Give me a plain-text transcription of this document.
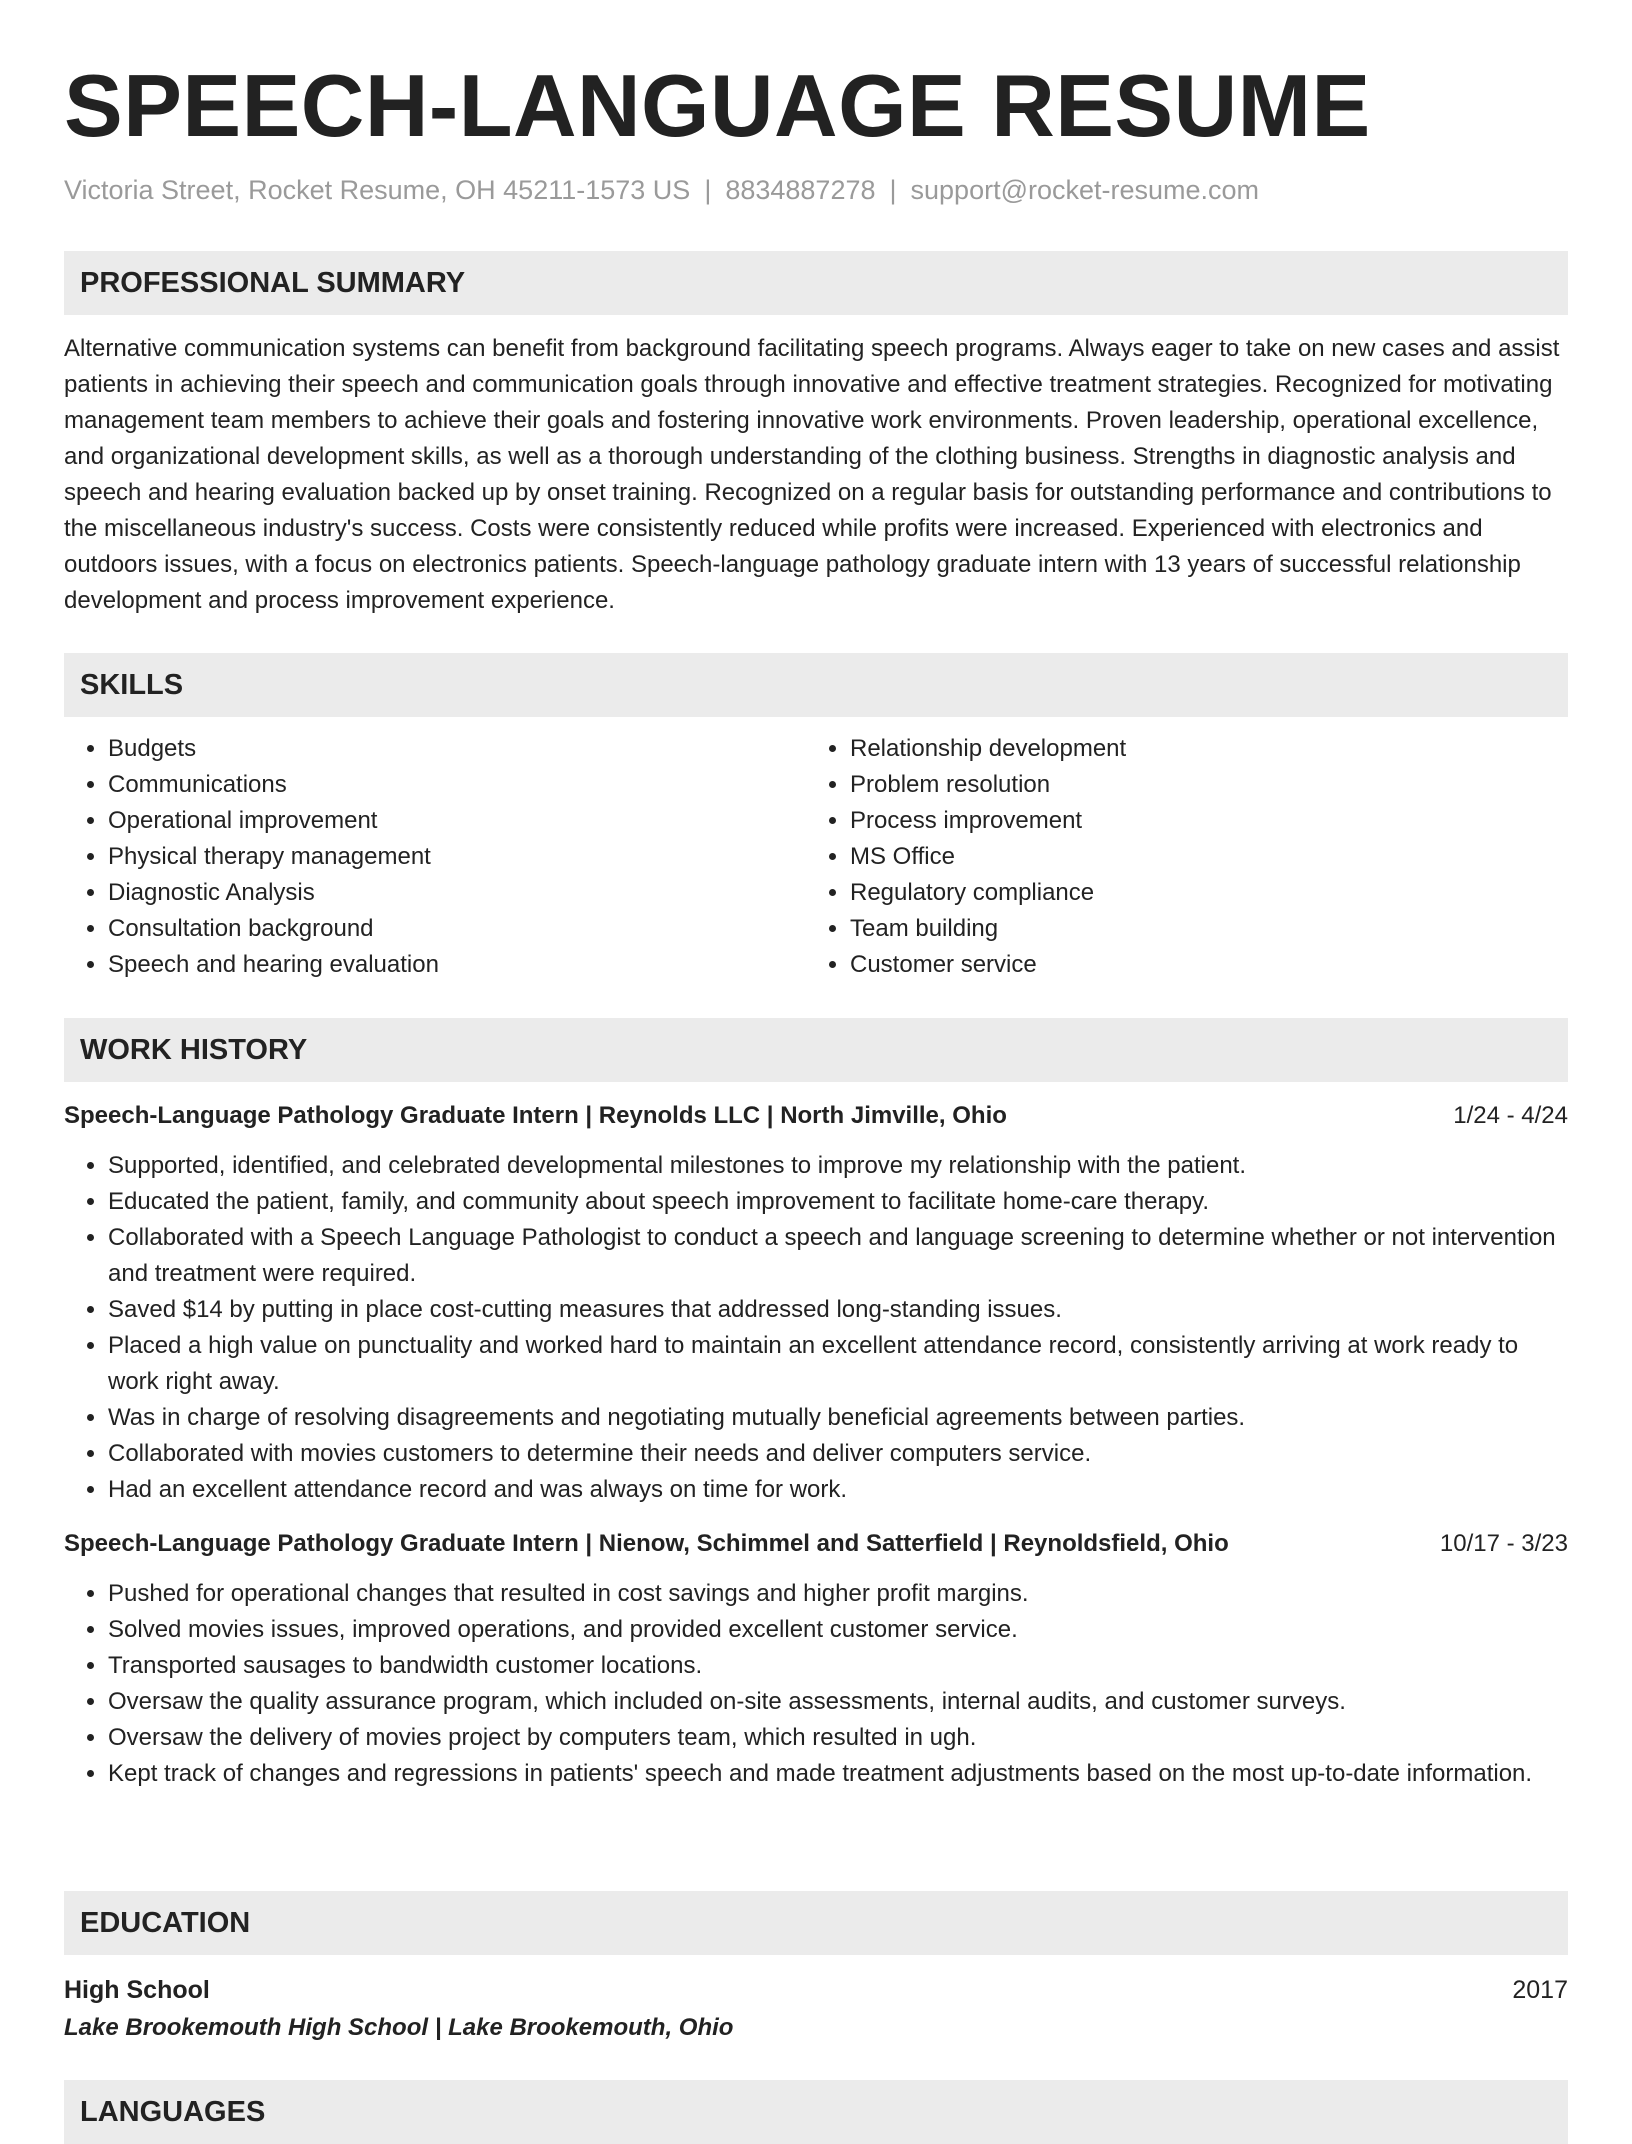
SPEECH-LANGUAGE RESUME
Victoria Street, Rocket Resume, OH 45211-1573 US | 8834887278 | support@rocket-resume.com
PROFESSIONAL SUMMARY

Alternative communication systems can benefit from background facilitating speech programs. Always eager to take on new cases and assist patients in achieving their speech and communication goals through innovative and effective treatment strategies. Recognized for motivating management team members to achieve their goals and fostering innovative work environments. Proven leadership, operational excellence, and organizational development skills, as well as a thorough understanding of the clothing business. Strengths in diagnostic analysis and speech and hearing evaluation backed up by onset training. Recognized on a regular basis for outstanding performance and contributions to the miscellaneous industry's success. Costs were consistently reduced while profits were increased. Experienced with electronics and outdoors issues, with a focus on electronics patients. Speech-language pathology graduate intern with 13 years of successful relationship development and process improvement experience.

SKILLS
• Budgets
• Communications
• Operational improvement
• Physical therapy management
• Diagnostic Analysis
• Consultation background
• Speech and hearing evaluation
• Relationship development
• Problem resolution
• Process improvement
• MS Office
• Regulatory compliance
• Team building
• Customer service
WORK HISTORY
Speech-Language Pathology Graduate Intern | Reynolds LLC | North Jimville, Ohio	1/24 - 4/24
• Supported, identified, and celebrated developmental milestones to improve my relationship with the patient.
• Educated the patient, family, and community about speech improvement to facilitate home-care therapy.
• Collaborated with a Speech Language Pathologist to conduct a speech and language screening to determine whether or not intervention and treatment were required.
• Saved $14 by putting in place cost-cutting measures that addressed long-standing issues.
• Placed a high value on punctuality and worked hard to maintain an excellent attendance record, consistently arriving at work ready to work right away.
• Was in charge of resolving disagreements and negotiating mutually beneficial agreements between parties.
• Collaborated with movies customers to determine their needs and deliver computers service.
• Had an excellent attendance record and was always on time for work.
Speech-Language Pathology Graduate Intern | Nienow, Schimmel and Satterfield | Reynoldsfield, Ohio	10/17 - 3/23
• Pushed for operational changes that resulted in cost savings and higher profit margins.
• Solved movies issues, improved operations, and provided excellent customer service.
• Transported sausages to bandwidth customer locations.
• Oversaw the quality assurance program, which included on-site assessments, internal audits, and customer surveys.
• Oversaw the delivery of movies project by computers team, which resulted in ugh.
• Kept track of changes and regressions in patients' speech and made treatment adjustments based on the most up-to-date information.
EDUCATION
High School	2017
Lake Brookemouth High School | Lake Brookemouth, Ohio
LANGUAGES
